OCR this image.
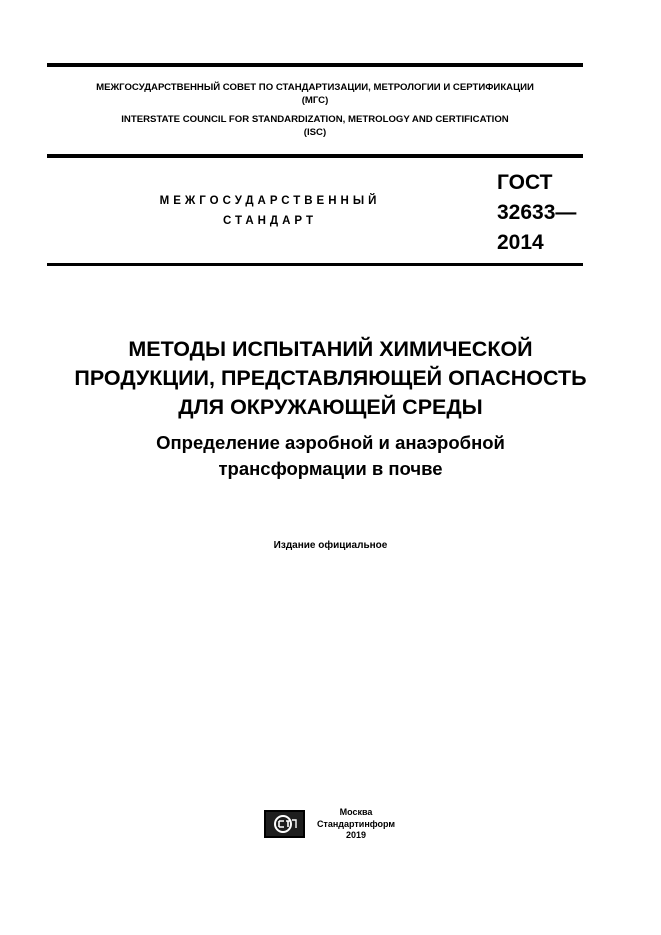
МЕЖГОСУДАРСТВЕННЫЙ СОВЕТ ПО СТАНДАРТИЗАЦИИ, МЕТРОЛОГИИ И СЕРТИФИКАЦИИ
(МГС)
INTERSTATE COUNCIL FOR STANDARDIZATION, METROLOGY AND CERTIFICATION
(ISC)
МЕЖГОСУДАРСТВЕННЫЙ
СТАНДАРТ
ГОСТ
32633—
2014
МЕТОДЫ ИСПЫТАНИЙ ХИМИЧЕСКОЙ
ПРОДУКЦИИ, ПРЕДСТАВЛЯЮЩЕЙ ОПАСНОСТЬ
ДЛЯ ОКРУЖАЮЩЕЙ СРЕДЫ
Определение аэробной и анаэробной
трансформации в почве
Издание официальное
Москва
Стандартинформ
2019
